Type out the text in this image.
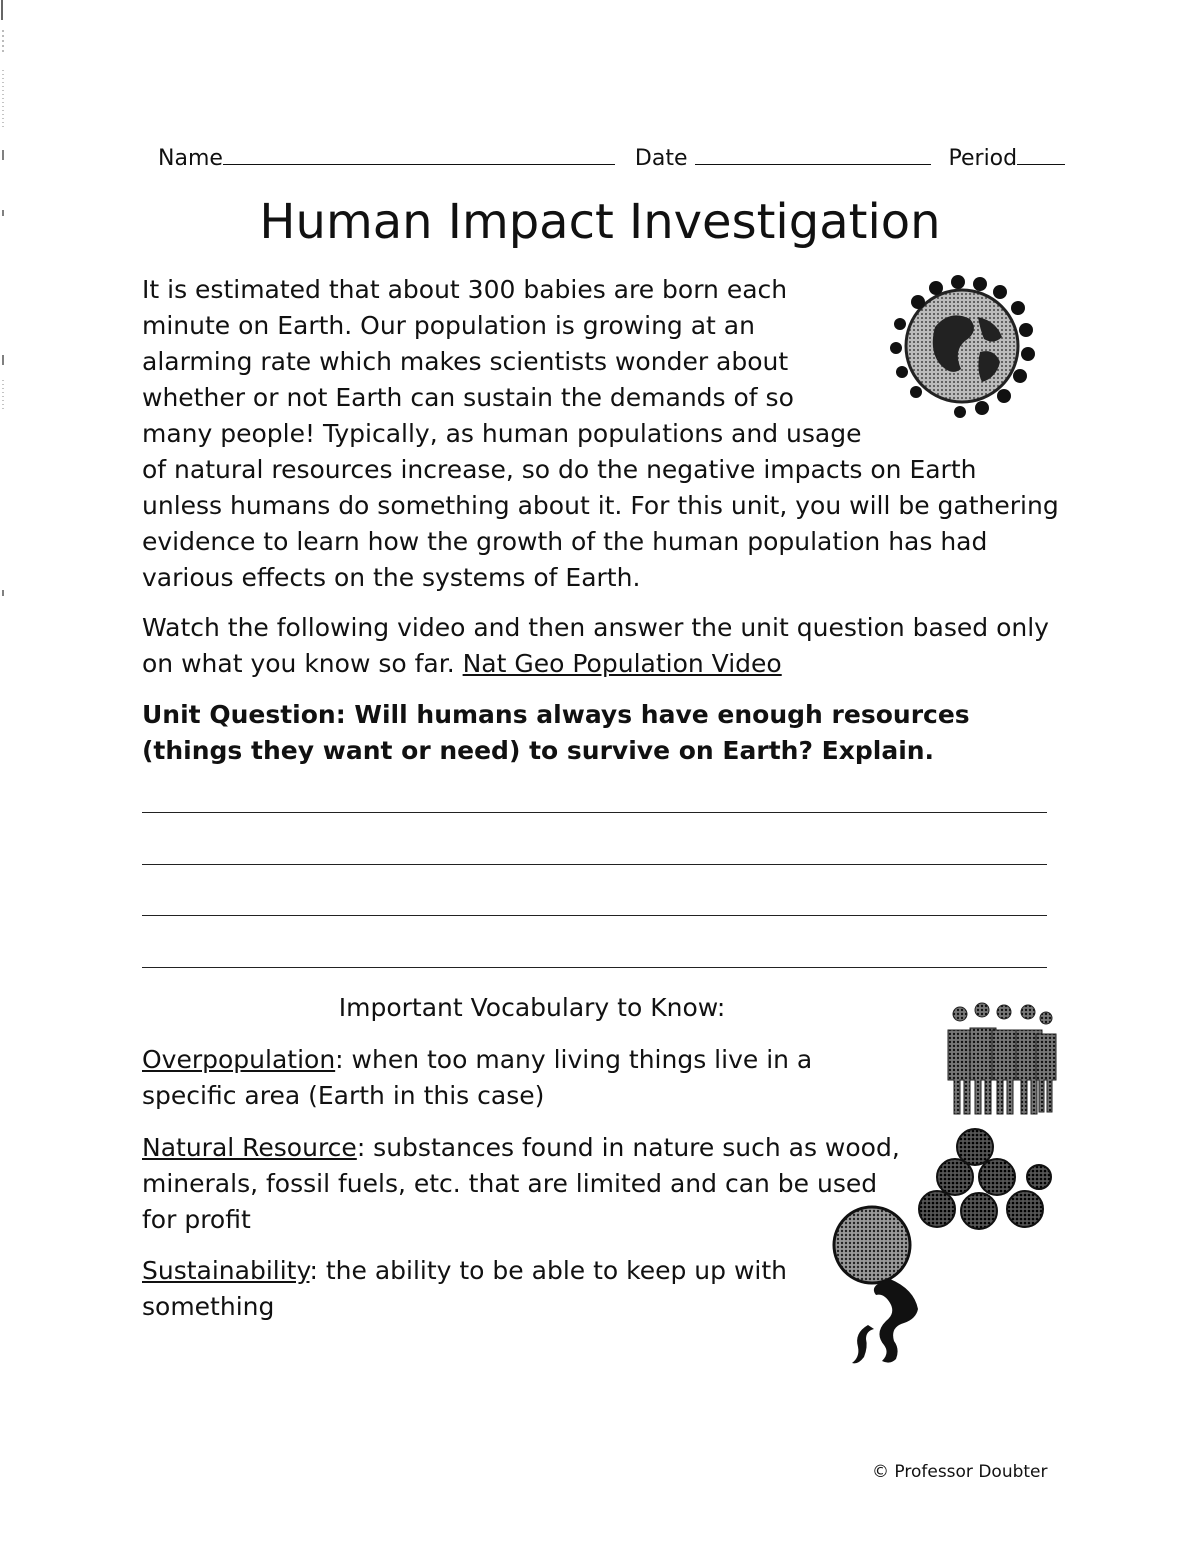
Name	Date	Period
Human Impact Investigation

It is estimated that about 300 babies are born each minute on Earth. Our population is growing at an alarming rate which makes scientists wonder about whether or not Earth can sustain the demands of so many people! Typically, as human populations and usage of natural resources increase, so do the negative impacts on Earth unless humans do something about it. For this unit, you will be gathering evidence to learn how the growth of the human population has had various effects on the systems of Earth.

Watch the following video and then answer the unit question based only on what you know so far. Nat Geo Population Video

Unit Question: Will humans always have enough resources (things they want or need) to survive on Earth? Explain.

Important Vocabulary to Know:

Overpopulation: when too many living things live in a specific area (Earth in this case)

Natural Resource: substances found in nature such as wood, minerals, fossil fuels, etc. that are limited and can be used for profit

Sustainability: the ability to be able to keep up with something

© Professor Doubter
